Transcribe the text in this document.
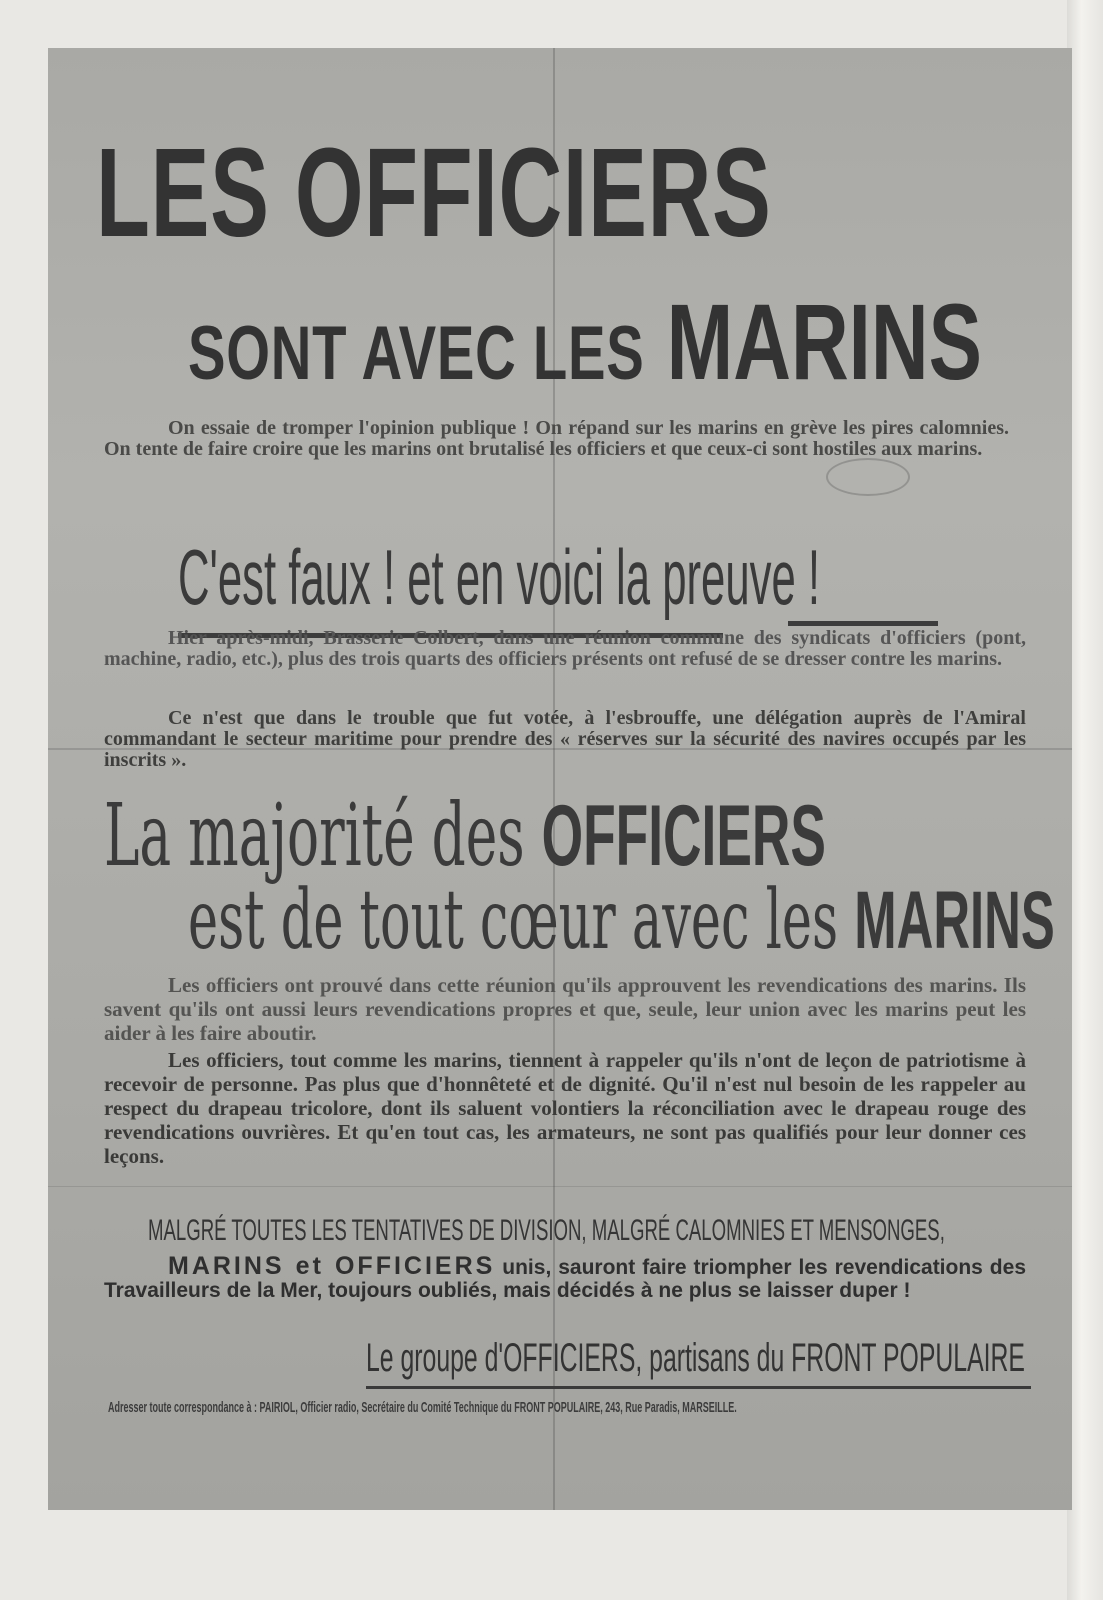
LES OFFICIERS
SONT AVEC LES MARINS

On essaie de tromper l'opinion publique ! On répand sur les marins en grève les pires calomnies. On tente de faire croire que les marins ont brutalisé les officiers et que ceux-ci sont hostiles aux marins.

C'est faux ! et en voici la preuve !

Hier après-midi, Brasserie Colbert, dans une réunion commune des syndicats d'officiers (pont, machine, radio, etc.), plus des trois quarts des officiers présents ont refusé de se dresser contre les marins.

Ce n'est que dans le trouble que fut votée, à l'esbrouffe, une délégation auprès de l'Amiral commandant le secteur maritime pour prendre des « réserves sur la sécurité des navires occupés par les inscrits ».

La majorité des OFFICIERS

est de tout cœur avec les MARINS

Les officiers ont prouvé dans cette réunion qu'ils approuvent les revendications des marins. Ils savent qu'ils ont aussi leurs revendications propres et que, seule, leur union avec les marins peut les aider à les faire aboutir.

Les officiers, tout comme les marins, tiennent à rappeler qu'ils n'ont de leçon de patriotisme à recevoir de personne. Pas plus que d'honnêteté et de dignité. Qu'il n'est nul besoin de les rappeler au respect du drapeau tricolore, dont ils saluent volontiers la réconciliation avec le drapeau rouge des revendications ouvrières. Et qu'en tout cas, les armateurs, ne sont pas qualifiés pour leur donner ces leçons.

MALGRÉ TOUTES LES TENTATIVES DE DIVISION, MALGRÉ CALOMNIES ET MENSONGES,

MARINS et OFFICIERS unis, sauront faire triompher les revendications des Travailleurs de la Mer, toujours oubliés, mais décidés à ne plus se laisser duper !

Le groupe d'OFFICIERS, partisans du FRONT POPULAIRE

Adresser toute correspondance à : PAIRIOL, Officier radio, Secrétaire du Comité Technique du FRONT POPULAIRE, 243, Rue Paradis, MARSEILLE.
